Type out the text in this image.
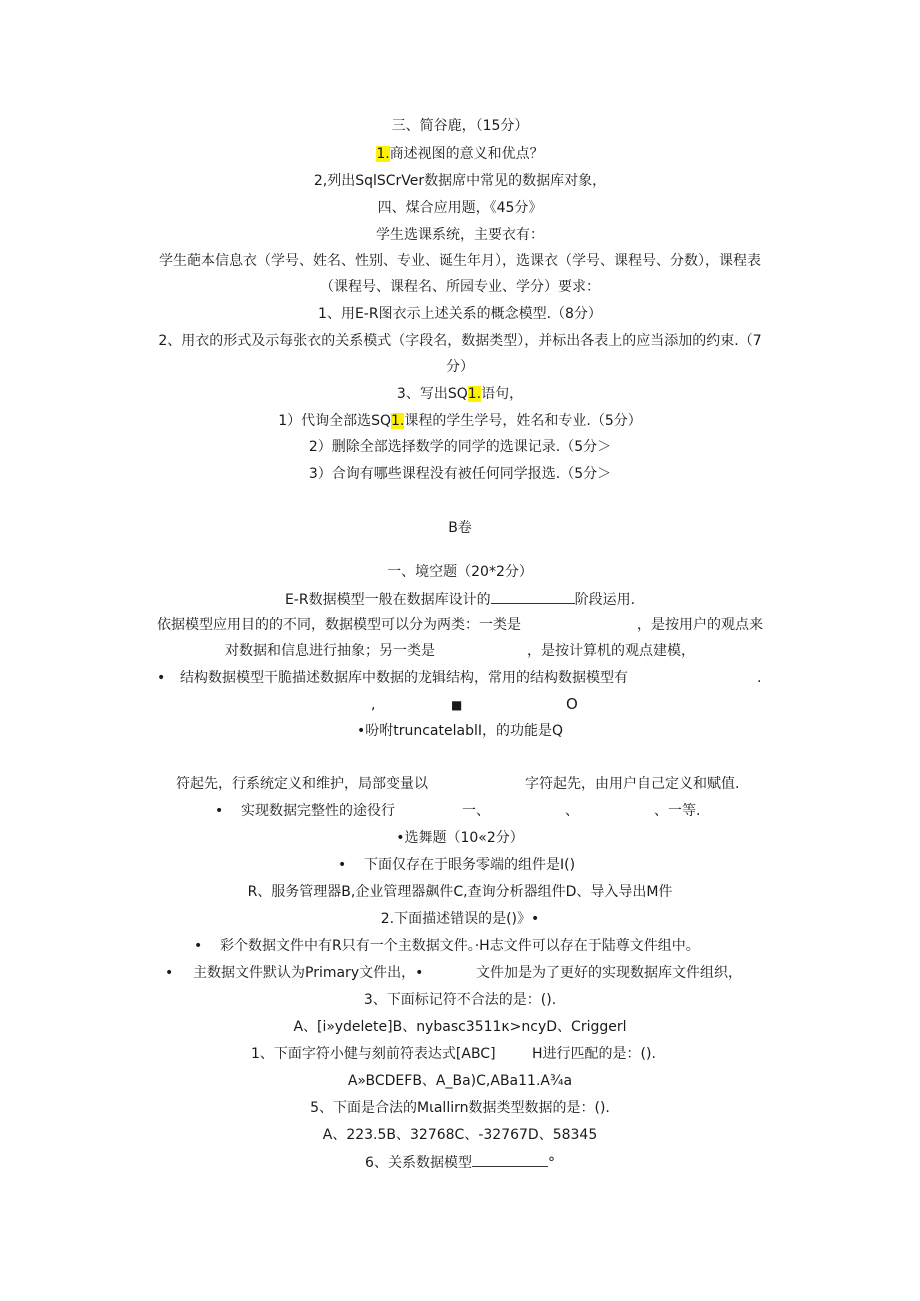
三、简谷鹿，（15分）
1.商述视图的意义和优点？
2,列出SqlSCrVer数据席中常见的数据库对象，
四、煤合应用题，《45分》
学生选课系统，主要衣有：
学生葩本信息衣（学号、姓名、性别、专业、诞生年月），选课衣（学号、课程号、分数），课程表
（课程号、课程名、所园专业、学分）要求：
1、用E-R图衣示上述关系的概念模型.（8分）
2、用衣的形式及示每张衣的关系模式（字段名，数据类型），并标出各表上的应当添加的约束.（7
分）
3、写出SQ1.语句，
1）代询全部选SQ1.课程的学生学号，姓名和专业.（5分）
2）删除全部选择数学的同学的选课记录.（5分＞
3）合询有哪些课程没有被任何同学报选.（5分＞
B卷
一、境空题（20*2分）
E-R数据模型一般在数据库设计的	阶段运用.
依据模型应用目的的不同，数据模型可以分为两类：一类是	，是按用户的观点来
对数据和信息进行抽象；另一类是	，是按计算机的观点建模，
• 结构数据模型干脆描述数据库中数据的龙辑结构，常用的结构数据模型有	.
,	■	O
•吩咐truncatelablI，的功能是Q
符起先，行系统定义和维护，局部变量以	字符起先，由用户自己定义和赋值.
• 实现数据完整性的途役行	一、	、	、一等.
•选舞题（10«2分）
• 下面仅存在于眼务零端的组件是I()
R、服务管理器B,企业管理器飙件C,查询分析器组件D、导入导出M件
2.下面描述错误的是()》•
• 彩个数据文件中有R只有一个主数据文件。·H志文件可以存在于陆尊文件组中。
• 主数据文件默认为Primary文件出，•	文件加是为了更好的实现数据库文件组织，
3、下面标记符不合法的是：().
A、[i»ydelete]B、nybasc3511κ>ncyD、Criggerl
1、下面字符小健与刻前符表达式[ABC]	H进行匹配的是：().
A»BCDEFB、A_Ba)C,ABa11.A¾a
5、下面是合法的Mιallirn数据类型数据的是：().
A、223.5B、32768C、-32767D、58345
6、关系数据模型	°
